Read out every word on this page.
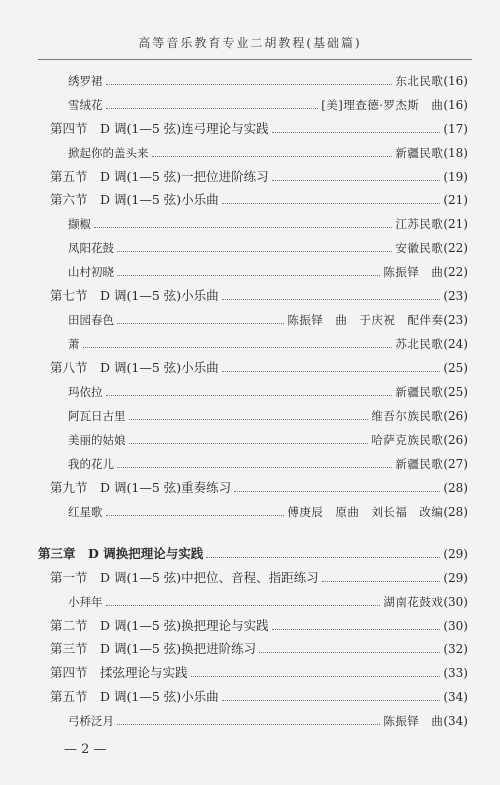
高等音乐教育专业二胡教程(基础篇)
绣罗裙	东北民歌 (16)
雪绒花	[美]理查德·罗杰斯　曲 (16)
第四节　D 调(1—5 弦)连弓理论与实践	(17)
掀起你的盖头来	新疆民歌 (18)
第五节　D 调(1—5 弦)一把位进阶练习	(19)
第六节　D 调(1—5 弦)小乐曲	(21)
撷椒	江苏民歌 (21)
凤阳花鼓	安徽民歌 (22)
山村初晓	陈振铎　曲 (22)
第七节　D 调(1—5 弦)小乐曲	(23)
田园春色	陈振铎　曲　于庆祝　配伴奏 (23)
萧	苏北民歌 (24)
第八节　D 调(1—5 弦)小乐曲	(25)
玛依拉	新疆民歌 (25)
阿瓦日古里	维吾尔族民歌 (26)
美丽的姑娘	哈萨克族民歌 (26)
我的花儿	新疆民歌 (27)
第九节　D 调(1—5 弦)重奏练习	(28)
红星歌	傅庚辰　原曲　刘长福　改编 (28)
第三章　D 调换把理论与实践	(29)
第一节　D 调(1—5 弦)中把位、音程、指距练习	(29)
小拜年	湖南花鼓戏 (30)
第二节　D 调(1—5 弦)换把理论与实践	(30)
第三节　D 调(1—5 弦)换把进阶练习	(32)
第四节　揉弦理论与实践	(33)
第五节　D 调(1—5 弦)小乐曲	(34)
弓桥泛月	陈振铎　曲 (34)
— 2 —
